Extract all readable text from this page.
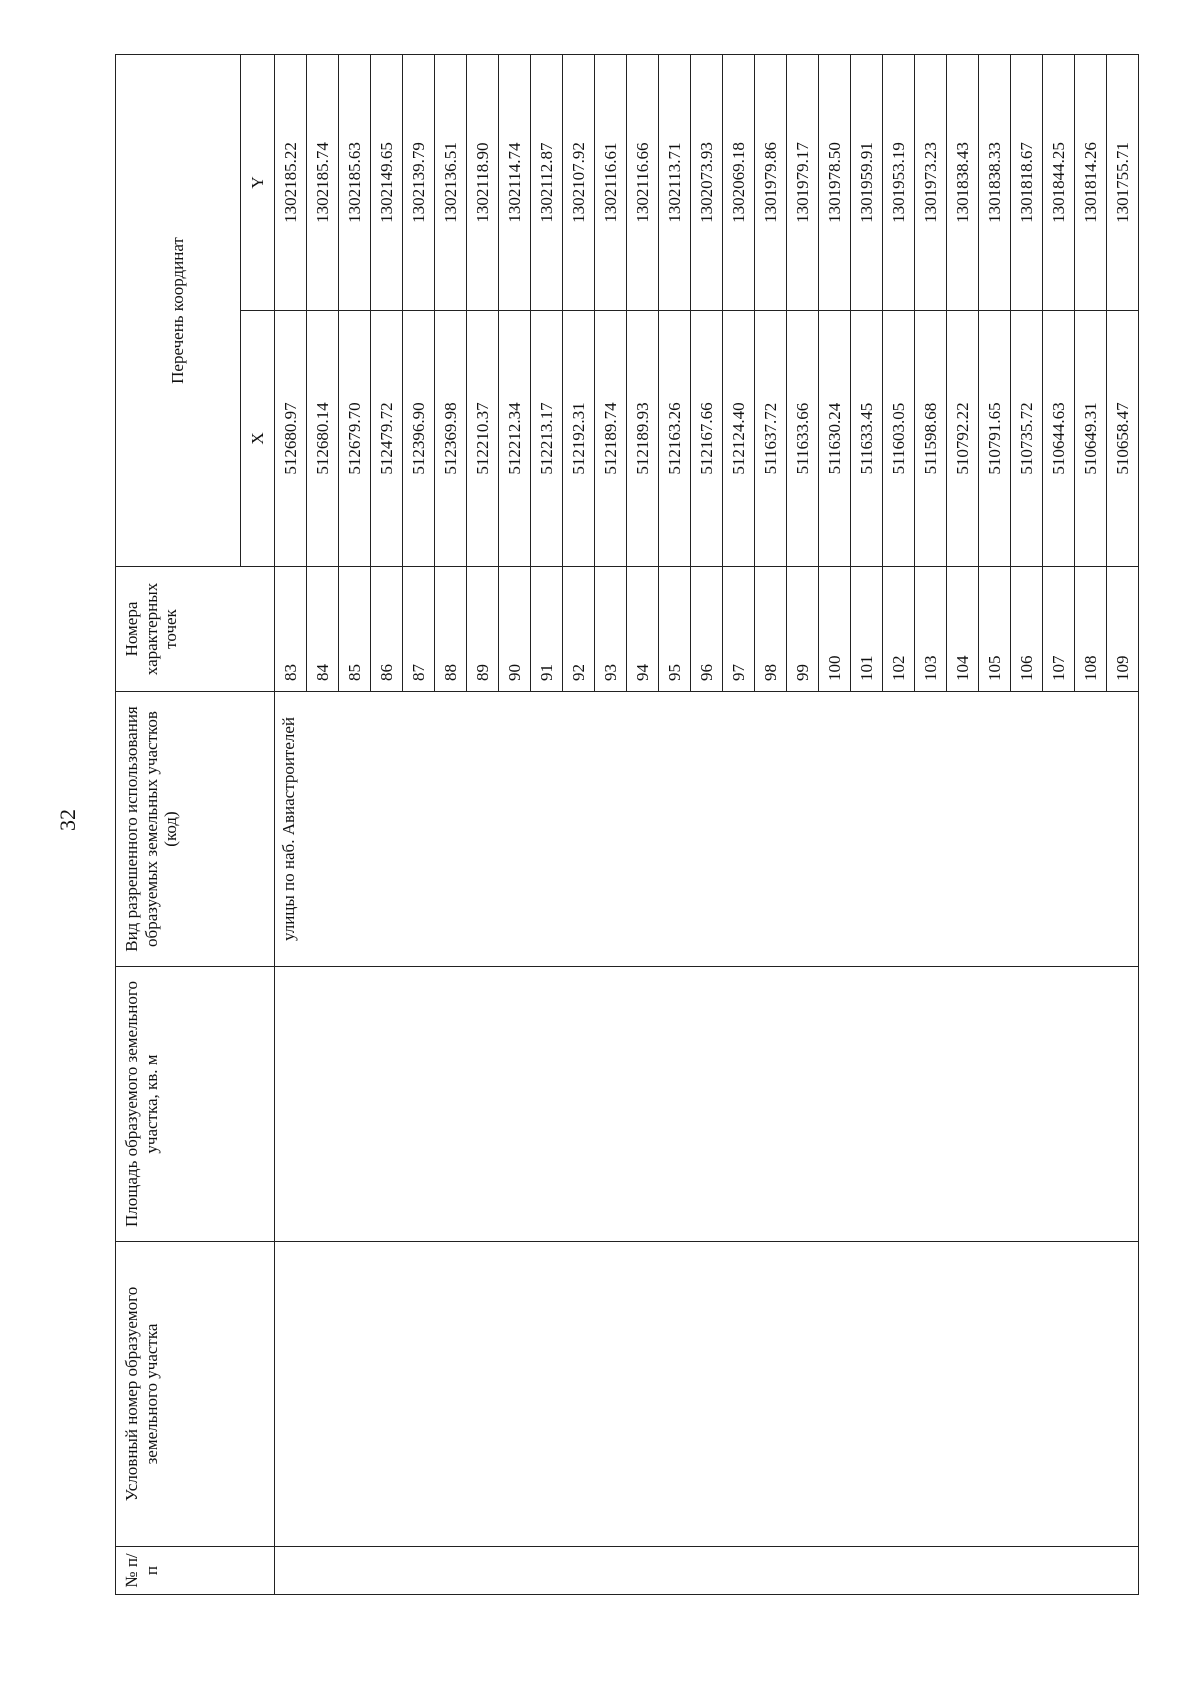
32
№ п/п	Условный номер образуемого земельного участка	Площадь образуемого земельного участка, кв. м	Вид разрешенного использования образуемых земельных участков (код)	Номера характерных точек	Перечень координат	
					X	Y

			улицы по наб. Авиастроителей	83	512680.97	1302185.22
				84	512680.14	1302185.74
				85	512679.70	1302185.63
				86	512479.72	1302149.65
				87	512396.90	1302139.79
				88	512369.98	1302136.51
				89	512210.37	1302118.90
				90	512212.34	1302114.74
				91	512213.17	1302112.87
				92	512192.31	1302107.92
				93	512189.74	1302116.61
				94	512189.93	1302116.66
				95	512163.26	1302113.71
				96	512167.66	1302073.93
				97	512124.40	1302069.18
				98	511637.72	1301979.86
				99	511633.66	1301979.17
				100	511630.24	1301978.50
				101	511633.45	1301959.91
				102	511603.05	1301953.19
				103	511598.68	1301973.23
				104	510792.22	1301838.43
				105	510791.65	1301838.33
				106	510735.72	1301818.67
				107	510644.63	1301844.25
				108	510649.31	1301814.26
				109	510658.47	1301755.71
